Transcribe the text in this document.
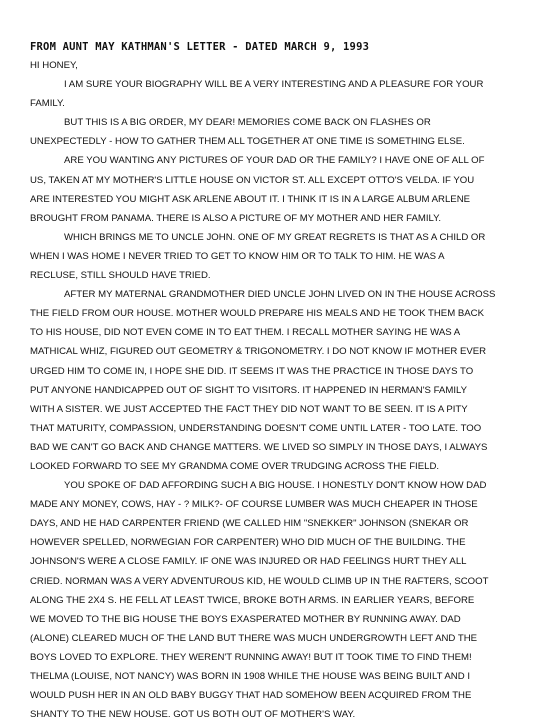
FROM AUNT MAY KATHMAN'S LETTER - DATED MARCH 9, 1993
HI HONEY,
I AM SURE YOUR BIOGRAPHY WILL BE A VERY INTERESTING AND A PLEASURE FOR YOUR
FAMILY.
BUT THIS IS A BIG ORDER, MY DEAR! MEMORIES COME BACK ON FLASHES OR
UNEXPECTEDLY - HOW TO GATHER THEM ALL TOGETHER AT ONE TIME IS SOMETHING ELSE.
ARE YOU WANTING ANY PICTURES OF YOUR DAD OR THE FAMILY? I HAVE ONE OF ALL OF
US, TAKEN AT MY MOTHER'S LITTLE HOUSE ON VICTOR ST. ALL EXCEPT OTTO'S VELDA. IF YOU
ARE INTERESTED YOU MIGHT ASK ARLENE ABOUT IT. I THINK IT IS IN A LARGE ALBUM ARLENE
BROUGHT FROM PANAMA. THERE IS ALSO A PICTURE OF MY MOTHER AND HER FAMILY.
WHICH BRINGS ME TO UNCLE JOHN. ONE OF MY GREAT REGRETS IS THAT AS A CHILD OR
WHEN I WAS HOME I NEVER TRIED TO GET TO KNOW HIM OR TO TALK TO HIM. HE WAS A
RECLUSE, STILL SHOULD HAVE TRIED.
AFTER MY MATERNAL GRANDMOTHER DIED UNCLE JOHN LIVED ON IN THE HOUSE ACROSS
THE FIELD FROM OUR HOUSE. MOTHER WOULD PREPARE HIS MEALS AND HE TOOK THEM BACK
TO HIS HOUSE, DID NOT EVEN COME IN TO EAT THEM. I RECALL MOTHER SAYING HE WAS A
MATHICAL WHIZ, FIGURED OUT GEOMETRY & TRIGONOMETRY. I DO NOT KNOW IF MOTHER EVER
URGED HIM TO COME IN, I HOPE SHE DID. IT SEEMS IT WAS THE PRACTICE IN THOSE DAYS TO
PUT ANYONE HANDICAPPED OUT OF SIGHT TO VISITORS. IT HAPPENED IN HERMAN'S FAMILY
WITH A SISTER. WE JUST ACCEPTED THE FACT THEY DID NOT WANT TO BE SEEN. IT IS A PITY
THAT MATURITY, COMPASSION, UNDERSTANDING DOESN'T COME UNTIL LATER - TOO LATE. TOO
BAD WE CAN'T GO BACK AND CHANGE MATTERS. WE LIVED SO SIMPLY IN THOSE DAYS, I ALWAYS
LOOKED FORWARD TO SEE MY GRANDMA COME OVER TRUDGING ACROSS THE FIELD.
YOU SPOKE OF DAD AFFORDING SUCH A BIG HOUSE. I HONESTLY DON'T KNOW HOW DAD
MADE ANY MONEY, COWS, HAY - ? MILK?- OF COURSE LUMBER WAS MUCH CHEAPER IN THOSE
DAYS, AND HE HAD CARPENTER FRIEND (WE CALLED HIM "SNEKKER" JOHNSON (SNEKAR OR
HOWEVER SPELLED, NORWEGIAN FOR CARPENTER) WHO DID MUCH OF THE BUILDING. THE
JOHNSON'S WERE A CLOSE FAMILY. IF ONE WAS INJURED OR HAD FEELINGS HURT THEY ALL
CRIED. NORMAN WAS A VERY ADVENTUROUS KID, HE WOULD CLIMB UP IN THE RAFTERS, SCOOT
ALONG THE 2X4 S. HE FELL AT LEAST TWICE, BROKE BOTH ARMS. IN EARLIER YEARS, BEFORE
WE MOVED TO THE BIG HOUSE THE BOYS EXASPERATED MOTHER BY RUNNING AWAY. DAD
(ALONE) CLEARED MUCH OF THE LAND BUT THERE WAS MUCH UNDERGROWTH LEFT AND THE
BOYS LOVED TO EXPLORE. THEY WEREN'T RUNNING AWAY! BUT IT TOOK TIME TO FIND THEM!
THELMA (LOUISE, NOT NANCY) WAS BORN IN 1908 WHILE THE HOUSE WAS BEING BUILT AND I
WOULD PUSH HER IN AN OLD BABY BUGGY THAT HAD SOMEHOW BEEN ACQUIRED FROM THE
SHANTY TO THE NEW HOUSE. GOT US BOTH OUT OF MOTHER'S WAY.
